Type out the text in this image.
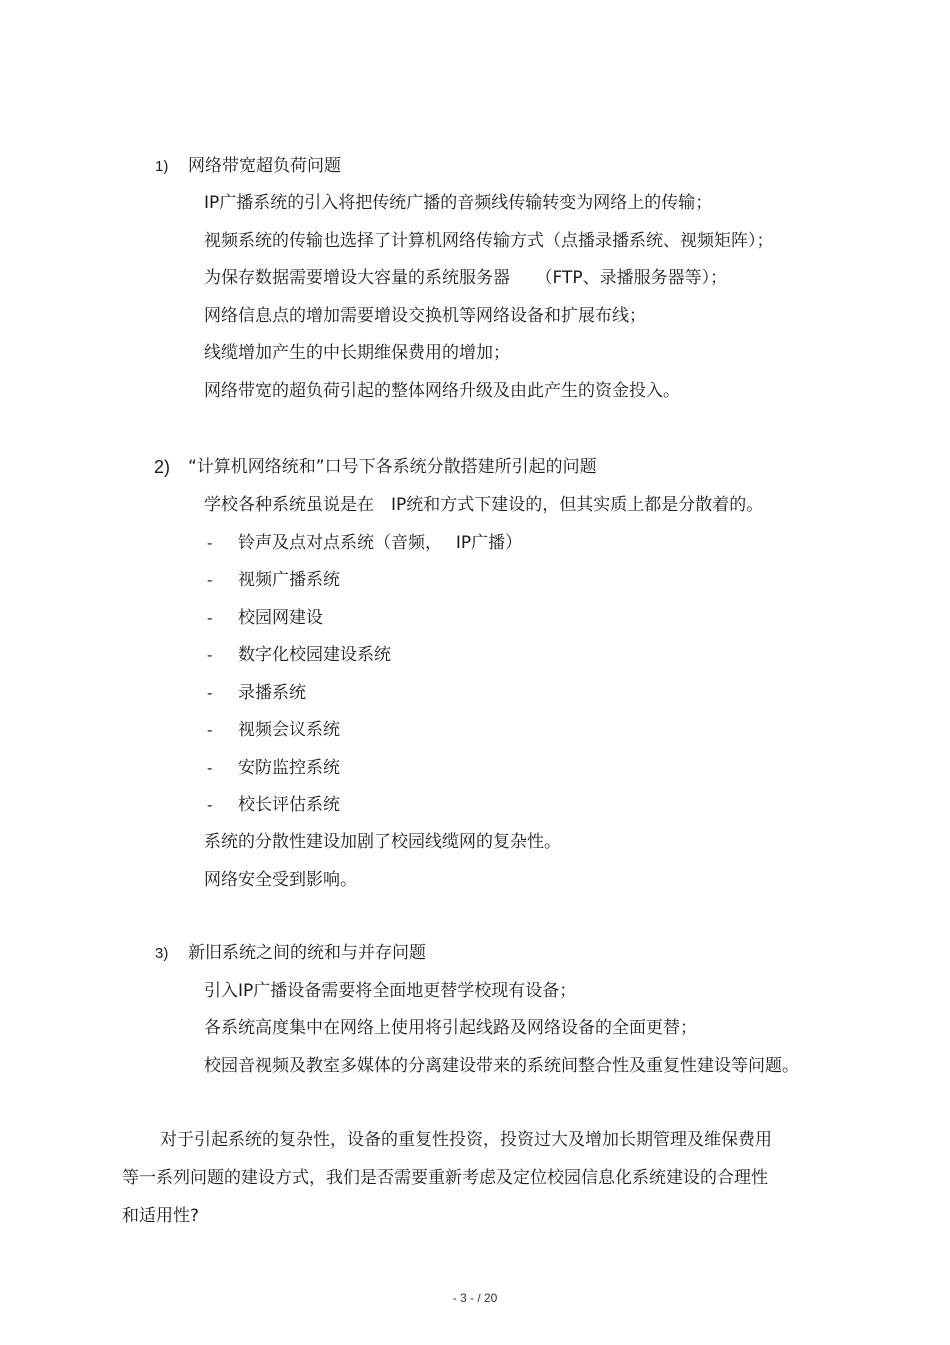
1) 网络带宽超负荷问题
IP广播系统的引入将把传统广播的音频线传输转变为网络上的传输；
视频系统的传输也选择了计算机网络传输方式（点播录播系统、视频矩阵）；
为保存数据需要增设大容量的系统服务器　　（FTP、录播服务器等）；
网络信息点的增加需要增设交换机等网络设备和扩展布线；
线缆增加产生的中长期维保费用的增加；
网络带宽的超负荷引起的整体网络升级及由此产生的资金投入。
2) “计算机网络统和”口号下各系统分散搭建所引起的问题
学校各种系统虽说是在　IP统和方式下建设的，但其实质上都是分散着的。
- 铃声及点对点系统（音频，　 IP广播）
- 视频广播系统
- 校园网建设
- 数字化校园建设系统
- 录播系统
- 视频会议系统
- 安防监控系统
- 校长评估系统
系统的分散性建设加剧了校园线缆网的复杂性。
网络安全受到影响。
3) 新旧系统之间的统和与并存问题
引入IP广播设备需要将全面地更替学校现有设备；
各系统高度集中在网络上使用将引起线路及网络设备的全面更替；
校园音视频及教室多媒体的分离建设带来的系统间整合性及重复性建设等问题。
对于引起系统的复杂性，设备的重复性投资，投资过大及增加长期管理及维保费用
等一系列问题的建设方式，我们是否需要重新考虑及定位校园信息化系统建设的合理性
和适用性?
- 3 - / 20
